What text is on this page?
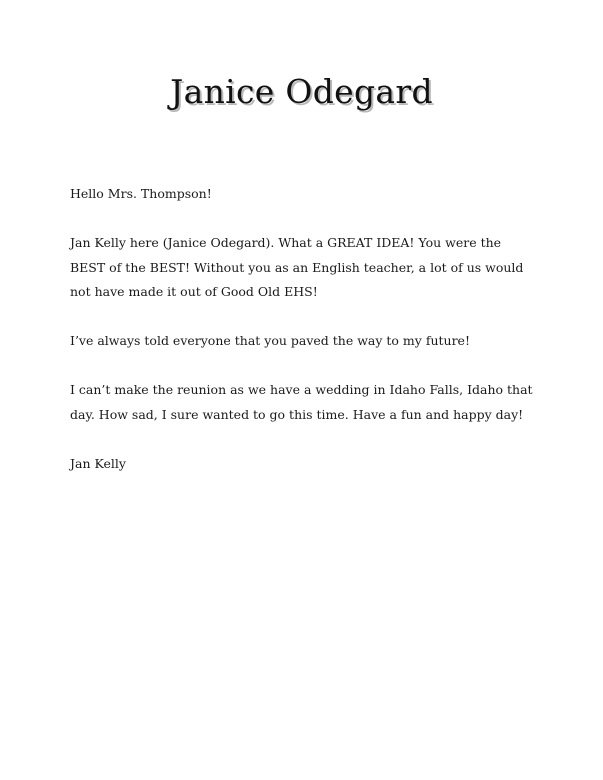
Janice Odegard

Hello Mrs. Thompson!

Jan Kelly here (Janice Odegard). What a GREAT IDEA! You were the BEST of the BEST! Without you as an English teacher, a lot of us would not have made it out of Good Old EHS!

I’ve always told everyone that you paved the way to my future!

I can’t make the reunion as we have a wedding in Idaho Falls, Idaho that day. How sad, I sure wanted to go this time. Have a fun and happy day!

Jan Kelly
